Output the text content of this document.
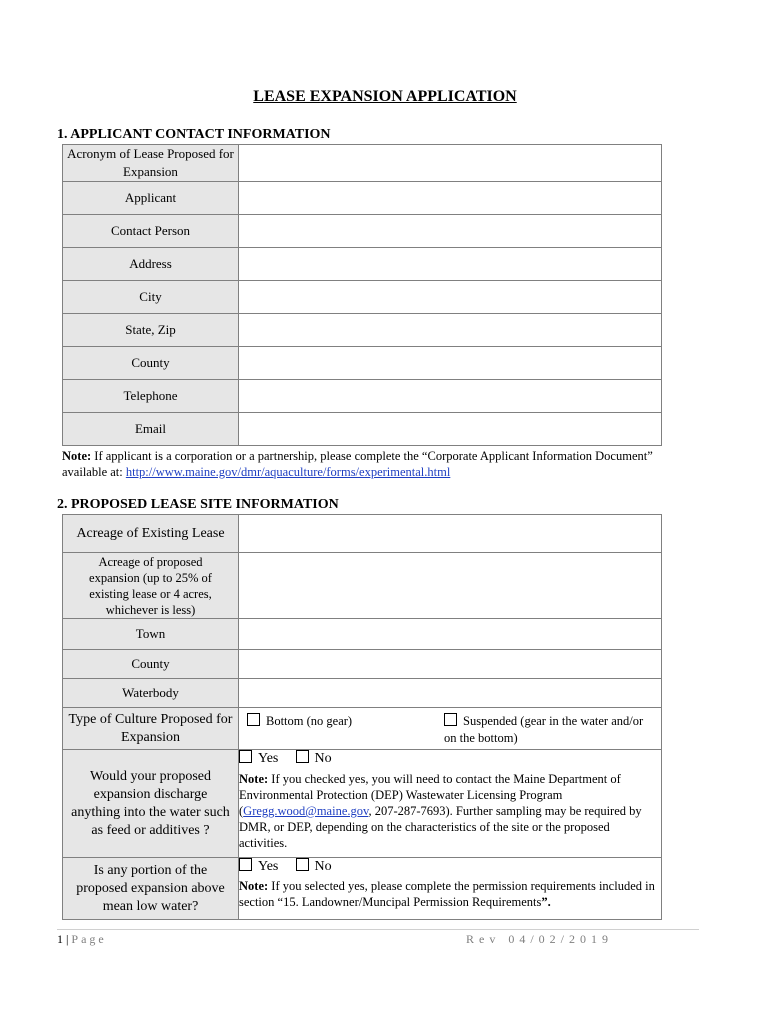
LEASE EXPANSION APPLICATION
1. APPLICANT CONTACT INFORMATION
Acronym of Lease Proposed for Expansion	
Applicant	
Contact Person	
Address	
City	
State, Zip	
County	
Telephone	
Email	
Note: If applicant is a corporation or a partnership, please complete the “Corporate Applicant Information Document” available at: http://www.maine.gov/dmr/aquaculture/forms/experimental.html
2. PROPOSED LEASE SITE INFORMATION
Acreage of Existing Lease	
Acreage of proposed expansion (up to 25% of existing lease or 4 acres, whichever is less)	
Town	
County	
Waterbody	
Type of Culture Proposed for Expansion	Bottom (no gear) Suspended (gear in the water and/or on the bottom)

Would your proposed expansion discharge anything into the water such as feed or additives ?	Yes No
Note: If you checked yes, you will need to contact the Maine Department of Environmental Protection (DEP) Wastewater Licensing Program (Gregg.wood@maine.gov, 207-287-7693). Further sampling may be required by DMR, or DEP, depending on the characteristics of the site or the proposed activities.

Is any portion of the proposed expansion above mean low water?	Yes No
Note: If you selected yes, please complete the permission requirements included in section “15. Landowner/Muncipal Permission Requirements”.
1 | Page	Rev 04/02/2019
